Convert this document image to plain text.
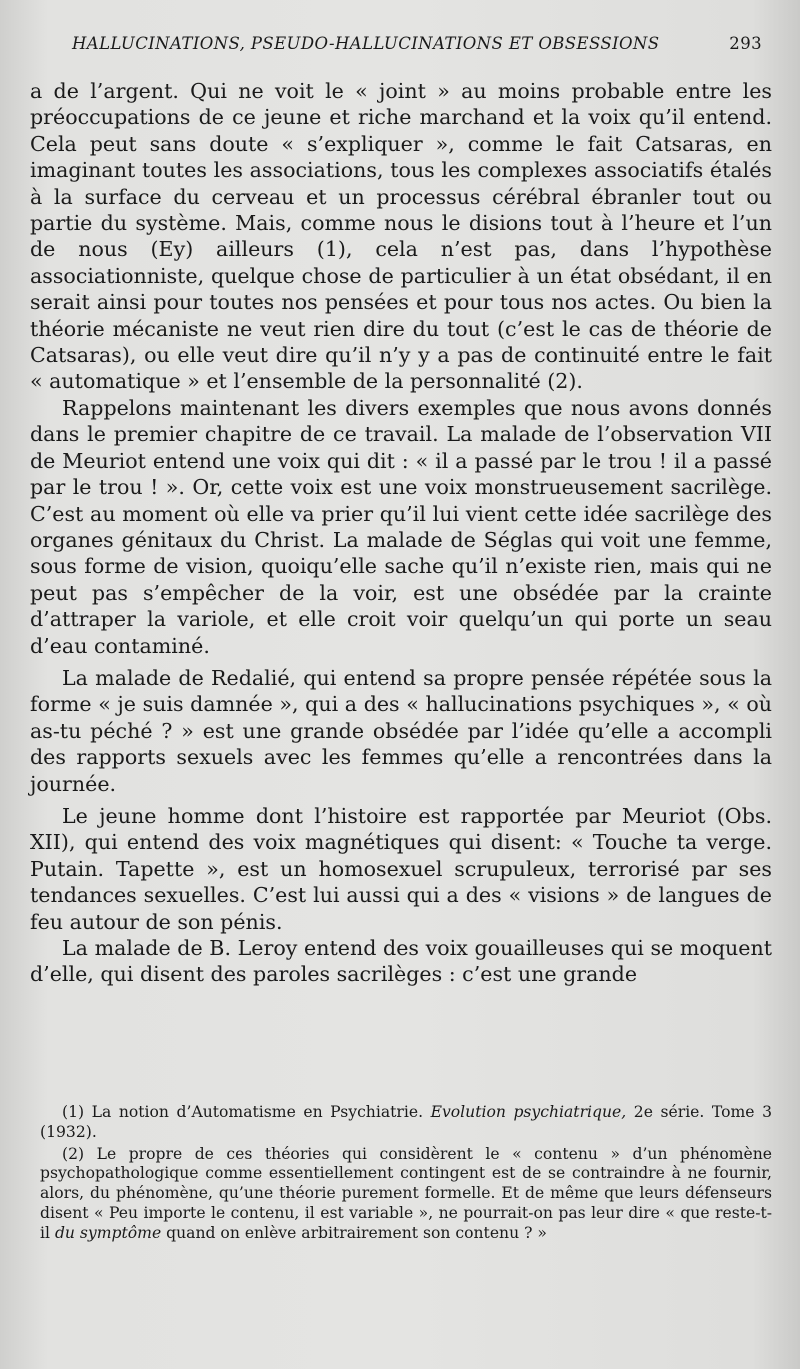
HALLUCINATIONS, PSEUDO-HALLUCINATIONS ET OBSESSIONS	293

a de l’argent. Qui ne voit le « joint » au moins probable entre les préoccupations de ce jeune et riche marchand et la voix qu’il entend. Cela peut sans doute « s’expliquer », comme le fait Catsaras, en imaginant toutes les associations, tous les complexes associatifs étalés à la surface du cerveau et un processus cérébral ébranler tout ou partie du système. Mais, comme nous le disions tout à l’heure et l’un de nous (Ey) ailleurs (1), cela n’est pas, dans l’hypothèse associationniste, quelque chose de particulier à un état obsédant, il en serait ainsi pour toutes nos pensées et pour tous nos actes. Ou bien la théorie mécaniste ne veut rien dire du tout (c’est le cas de théorie de Catsaras), ou elle veut dire qu’il n’y y a pas de continuité entre le fait « automatique » et l’ensemble de la personnalité (2).

Rappelons maintenant les divers exemples que nous avons donnés dans le premier chapitre de ce travail. La malade de l’observation VII de Meuriot entend une voix qui dit : « il a passé par le trou ! il a passé par le trou ! ». Or, cette voix est une voix monstrueusement sacrilège. C’est au moment où elle va prier qu’il lui vient cette idée sacrilège des organes génitaux du Christ. La malade de Séglas qui voit une femme, sous forme de vision, quoiqu’elle sache qu’il n’existe rien, mais qui ne peut pas s’empêcher de la voir, est une obsédée par la crainte d’attraper la variole, et elle croit voir quelqu’un qui porte un seau d’eau contaminé.

La malade de Redalié, qui entend sa propre pensée répétée sous la forme « je suis damnée », qui a des « hallucinations psychiques », « où as-tu péché ? » est une grande obsédée par l’idée qu’elle a accompli des rapports sexuels avec les femmes qu’elle a rencontrées dans la journée.

Le jeune homme dont l’histoire est rapportée par Meuriot (Obs. XII), qui entend des voix magnétiques qui disent: « Touche ta verge. Putain. Tapette », est un homosexuel scrupuleux, terrorisé par ses tendances sexuelles. C’est lui aussi qui a des « visions » de langues de feu autour de son pénis.

La malade de B. Leroy entend des voix gouailleuses qui se moquent d’elle, qui disent des paroles sacrilèges : c’est une grande

(1) La notion d’Automatisme en Psychiatrie. Evolution psychiatrique, 2e série. Tome 3 (1932).

(2) Le propre de ces théories qui considèrent le « contenu » d’un phénomène psychopathologique comme essentiellement contingent est de se contraindre à ne fournir, alors, du phénomène, qu’une théorie purement formelle. Et de même que leurs défenseurs disent « Peu importe le contenu, il est variable », ne pourrait-on pas leur dire « que reste-t-il du symptôme quand on enlève arbitrairement son contenu ? »
